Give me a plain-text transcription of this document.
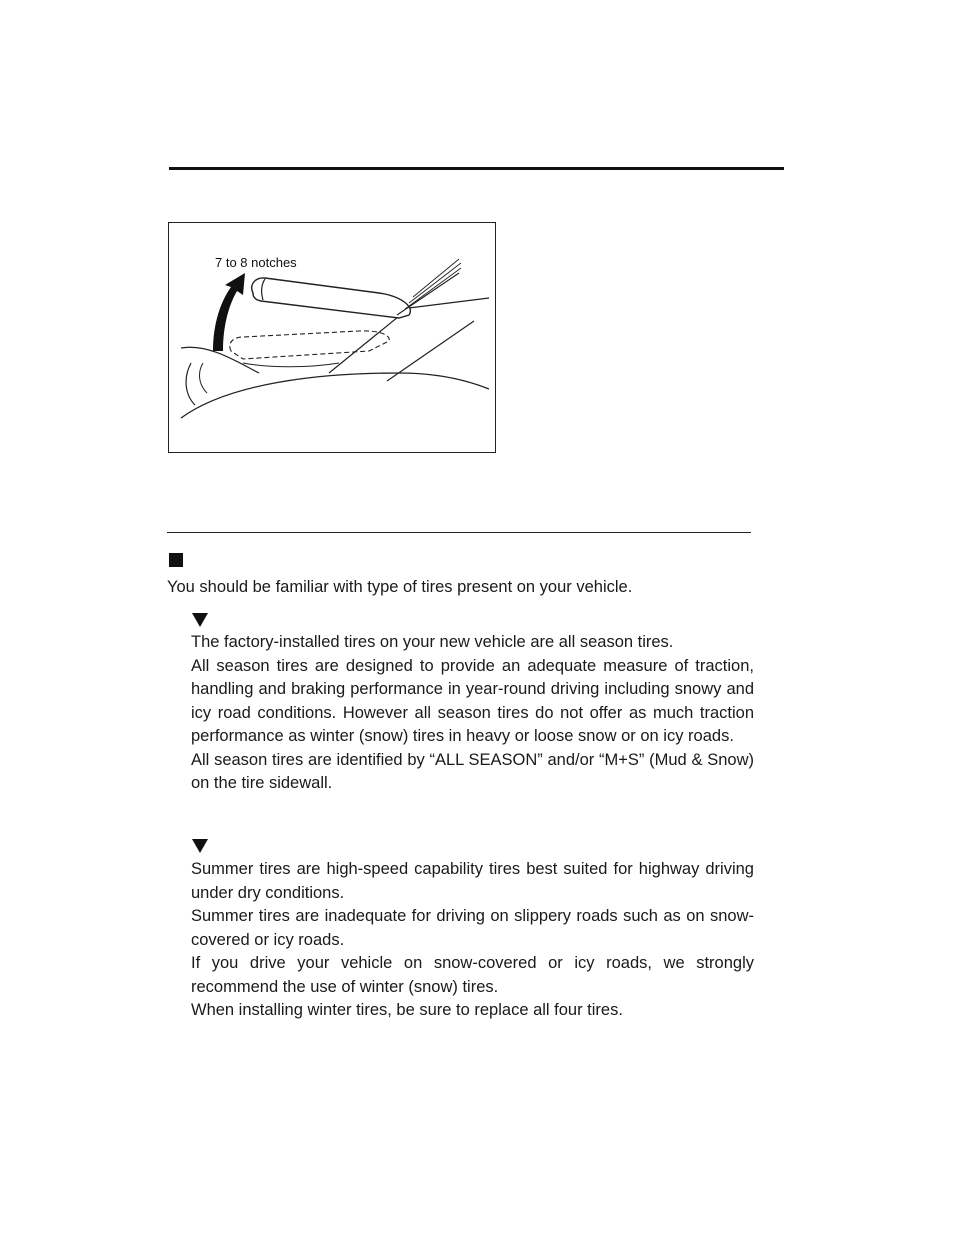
7 to 8 notches
You should be familiar with type of tires present on your vehicle.

The factory-installed tires on your new vehicle are all season tires.

All season tires are designed to provide an adequate measure of traction, handling and braking performance in year-round driving including snowy and icy road conditions. However all season tires do not offer as much traction performance as winter (snow) tires in heavy or loose snow or on icy roads.

All season tires are identified by “ALL SEASON” and/or “M+S” (Mud & Snow) on the tire sidewall.

Summer tires are high-speed capability tires best suited for highway driving under dry conditions.

Summer tires are inadequate for driving on slippery roads such as on snow-covered or icy roads.

If you drive your vehicle on snow-covered or icy roads, we strongly recommend the use of winter (snow) tires.

When installing winter tires, be sure to replace all four tires.
